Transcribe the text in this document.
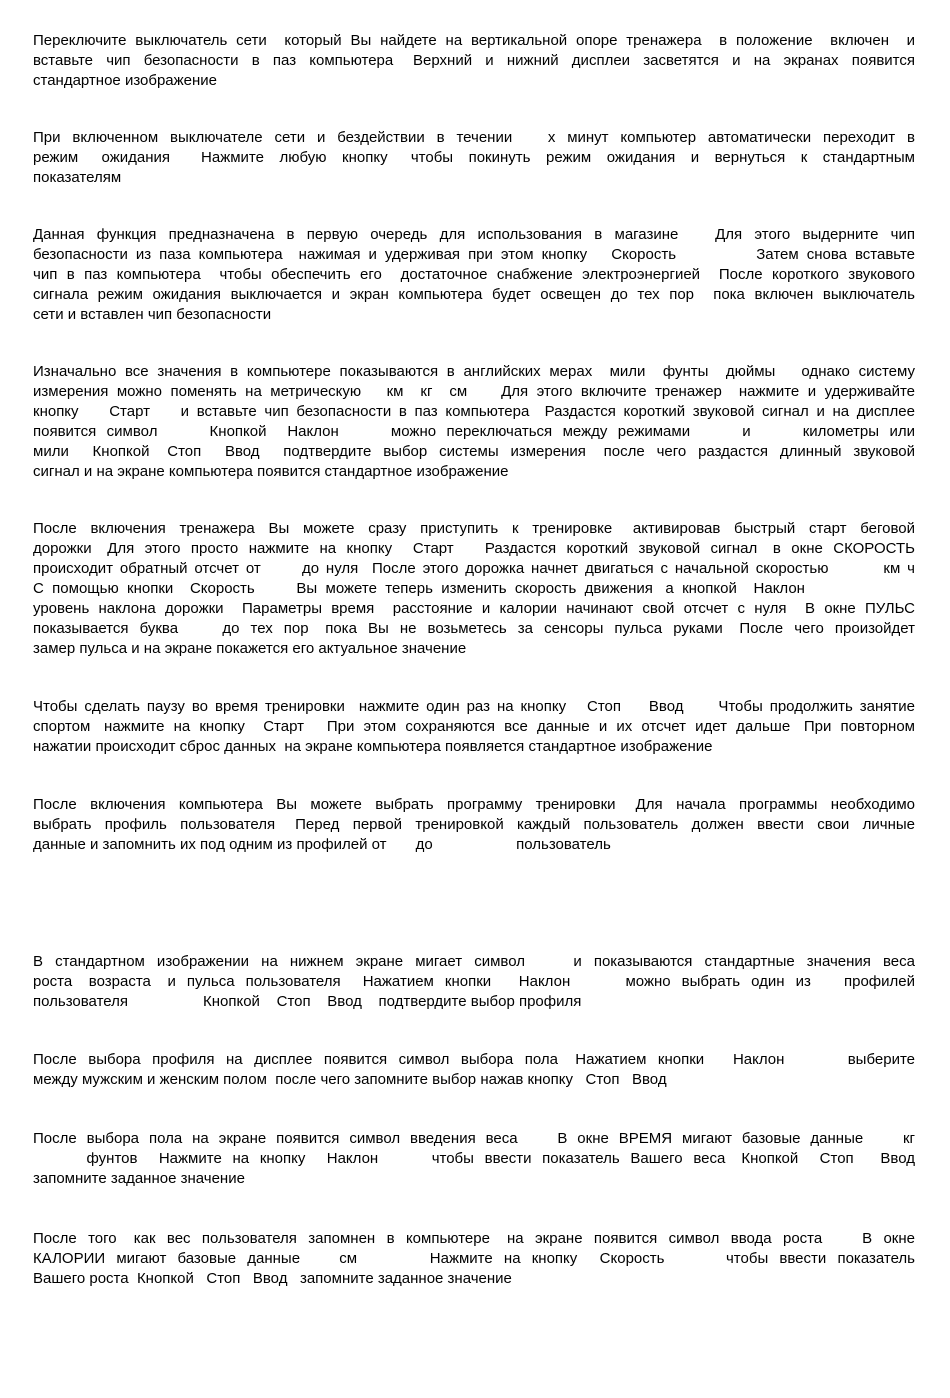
Переключите выключатель сети  который Вы найдете на вертикальной опоре тренажера  в положение  включен  и
вставьте  чип  безопасности  в  паз  компьютера   Верхний  и  нижний  дисплеи  засветятся  и  на  экранах  появится
стандартное изображение
При  включенном  выключателе  сети  и  бездействии  в  течении      х  минут  компьютер  автоматически  переходит  в
режим   ожидания    Нажмите  любую  кнопку   чтобы  покинуть  режим  ожидания  и  вернуться  к  стандартным
показателям
Данная  функция  предназначена  в  первую  очередь  для  использования  в  магазине      Для  этого  выдерните  чип
безопасности из паза компьютера  нажимая и удерживая при этом кнопку   Скорость          Затем снова вставьте
чип в паз компьютера  чтобы обеспечить его  достаточное снабжение электроэнергией  После короткого звукового
сигнала режим ожидания выключается и экран компьютера будет освещен до тех пор  пока включен выключатель
сети и вставлен чип безопасности
Изначально все значения в компьютере показываются в английских мерах  мили  фунты  дюймы   однако систему
измерения можно поменять на метрическую   км  кг  см    Для этого включите тренажер  нажмите и удерживайте
кнопку    Старт    и вставьте чип безопасности в паз компьютера  Раздастся короткий звуковой сигнал и на дисплее
появится  символ          Кнопкой    Наклон          можно  переключаться  между  режимами          и          километры  или
мили    Кнопкой   Стоп    Ввод    подтвердите  выбор  системы  измерения   после  чего  раздастся  длинный  звуковой
сигнал и на экране компьютера появится стандартное изображение
После  включения  тренажера  Вы  можете  сразу  приступить  к  тренировке   активировав  быстрый  старт  беговой
дорожки   Для  этого  просто  нажмите  на  кнопку    Старт      Раздастся  короткий  звуковой  сигнал   в  окне  СКОРОСТЬ
происходит обратный отсчет от      до нуля  После этого дорожка начнет двигаться с начальной скоростью        км ч
С  помощью  кнопки    Скорость          Вы  можете  теперь  изменить  скорость  движения   а  кнопкой    Наклон
уровень наклона дорожки  Параметры время  расстояние и калории начинают свой отсчет с нуля  В окне ПУЛЬС
показывается  буква        до  тех  пор   пока  Вы  не  возьметесь  за  сенсоры  пульса  руками   После  чего  произойдет
замер пульса и на экране покажется его актуальное значение
Чтобы сделать паузу во время тренировки  нажмите один раз на кнопку   Стоп    Ввод     Чтобы продолжить занятие
спортом   нажмите  на  кнопку    Старт     При  этом  сохраняются  все  данные  и  их  отсчет  идет  дальше   При  повторном
нажатии происходит сброс данных  на экране компьютера появляется стандартное изображение
После  включения  компьютера  Вы  можете  выбрать  программу  тренировки   Для  начала  программы  необходимо
выбрать  профиль  пользователя   Перед  первой  тренировкой  каждый  пользователь  должен  ввести  свои  личные
данные и запомнить их под одним из профилей от       до                    пользователь
В  стандартном  изображении  на  нижнем  экране  мигает  символ        и  показываются  стандартные  значения  веса
роста   возраста   и  пульса  пользователя    Нажатием  кнопки     Наклон          можно  выбрать  один  из      профилей
пользователя                  Кнопкой    Стоп    Ввод    подтвердите выбор профиля
После  выбора  профиля  на  дисплее  появится  символ  выбора  пола   Нажатием  кнопки     Наклон           выберите
между мужским и женским полом  после чего запомните выбор нажав кнопку   Стоп   Ввод
После  выбора  пола  на  экране  появится  символ  введения  веса        В  окне  ВРЕМЯ  мигают  базовые  данные        кг
фунтов    Нажмите  на  кнопку    Наклон          чтобы  ввести  показатель  Вашего  веса   Кнопкой    Стоп     Ввод
запомните заданное значение
После  того   как  вес  пользователя  запомнен  в  компьютере   на  экране  появится  символ  ввода  роста       В  окне
КАЛОРИИ  мигают  базовые  данные       см             Нажмите  на  кнопку    Скорость           чтобы  ввести  показатель
Вашего роста  Кнопкой   Стоп   Ввод   запомните заданное значение
